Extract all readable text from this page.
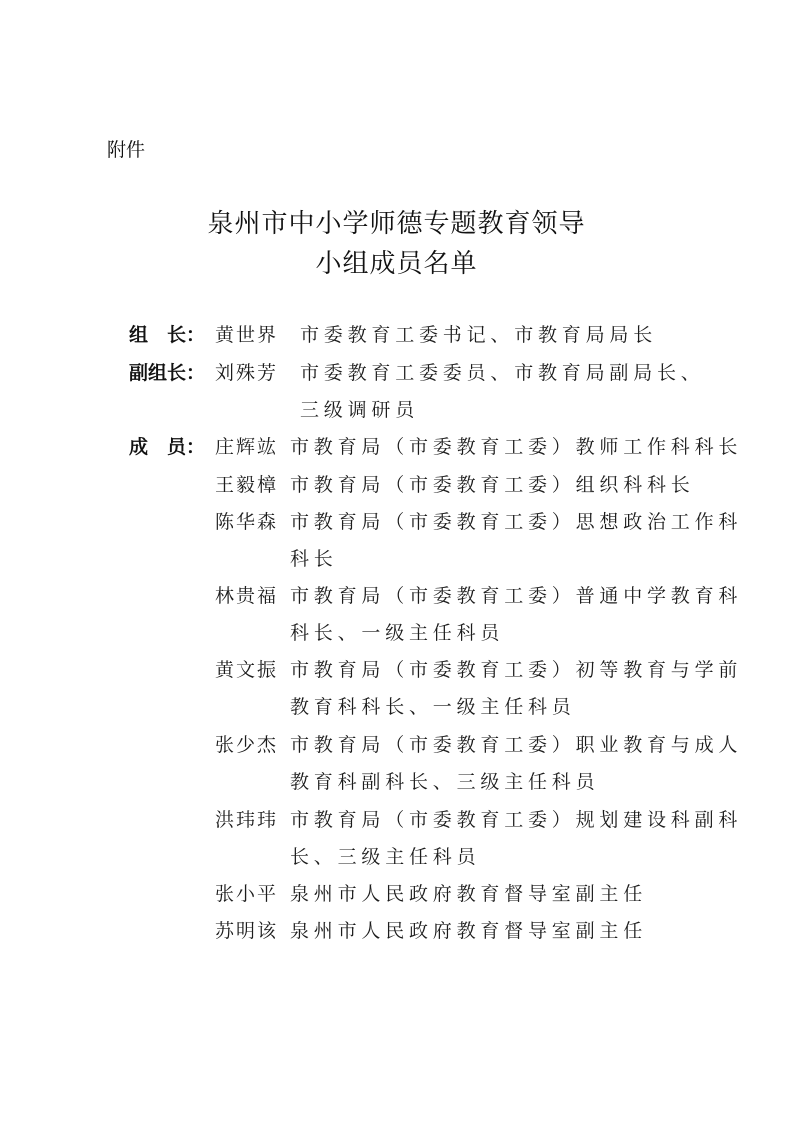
附件
泉州市中小学师德专题教育领导
小组成员名单
组　长： 黄世界 市委教育工委书记、市教育局局长
副组长： 刘殊芳 市委教育工委委员、市教育局副局长、
三级调研员
成　员： 庄辉竑 市教育局（市委教育工委）教师工作科科长
王毅樟 市教育局（市委教育工委）组织科科长
陈华森 市教育局（市委教育工委）思想政治工作科
科长
林贵福 市教育局（市委教育工委）普通中学教育科
科长、一级主任科员
黄文振 市教育局（市委教育工委）初等教育与学前
教育科科长、一级主任科员
张少杰 市教育局（市委教育工委）职业教育与成人
教育科副科长、三级主任科员
洪玮玮 市教育局（市委教育工委）规划建设科副科
长、三级主任科员
张小平 泉州市人民政府教育督导室副主任
苏明该 泉州市人民政府教育督导室副主任
